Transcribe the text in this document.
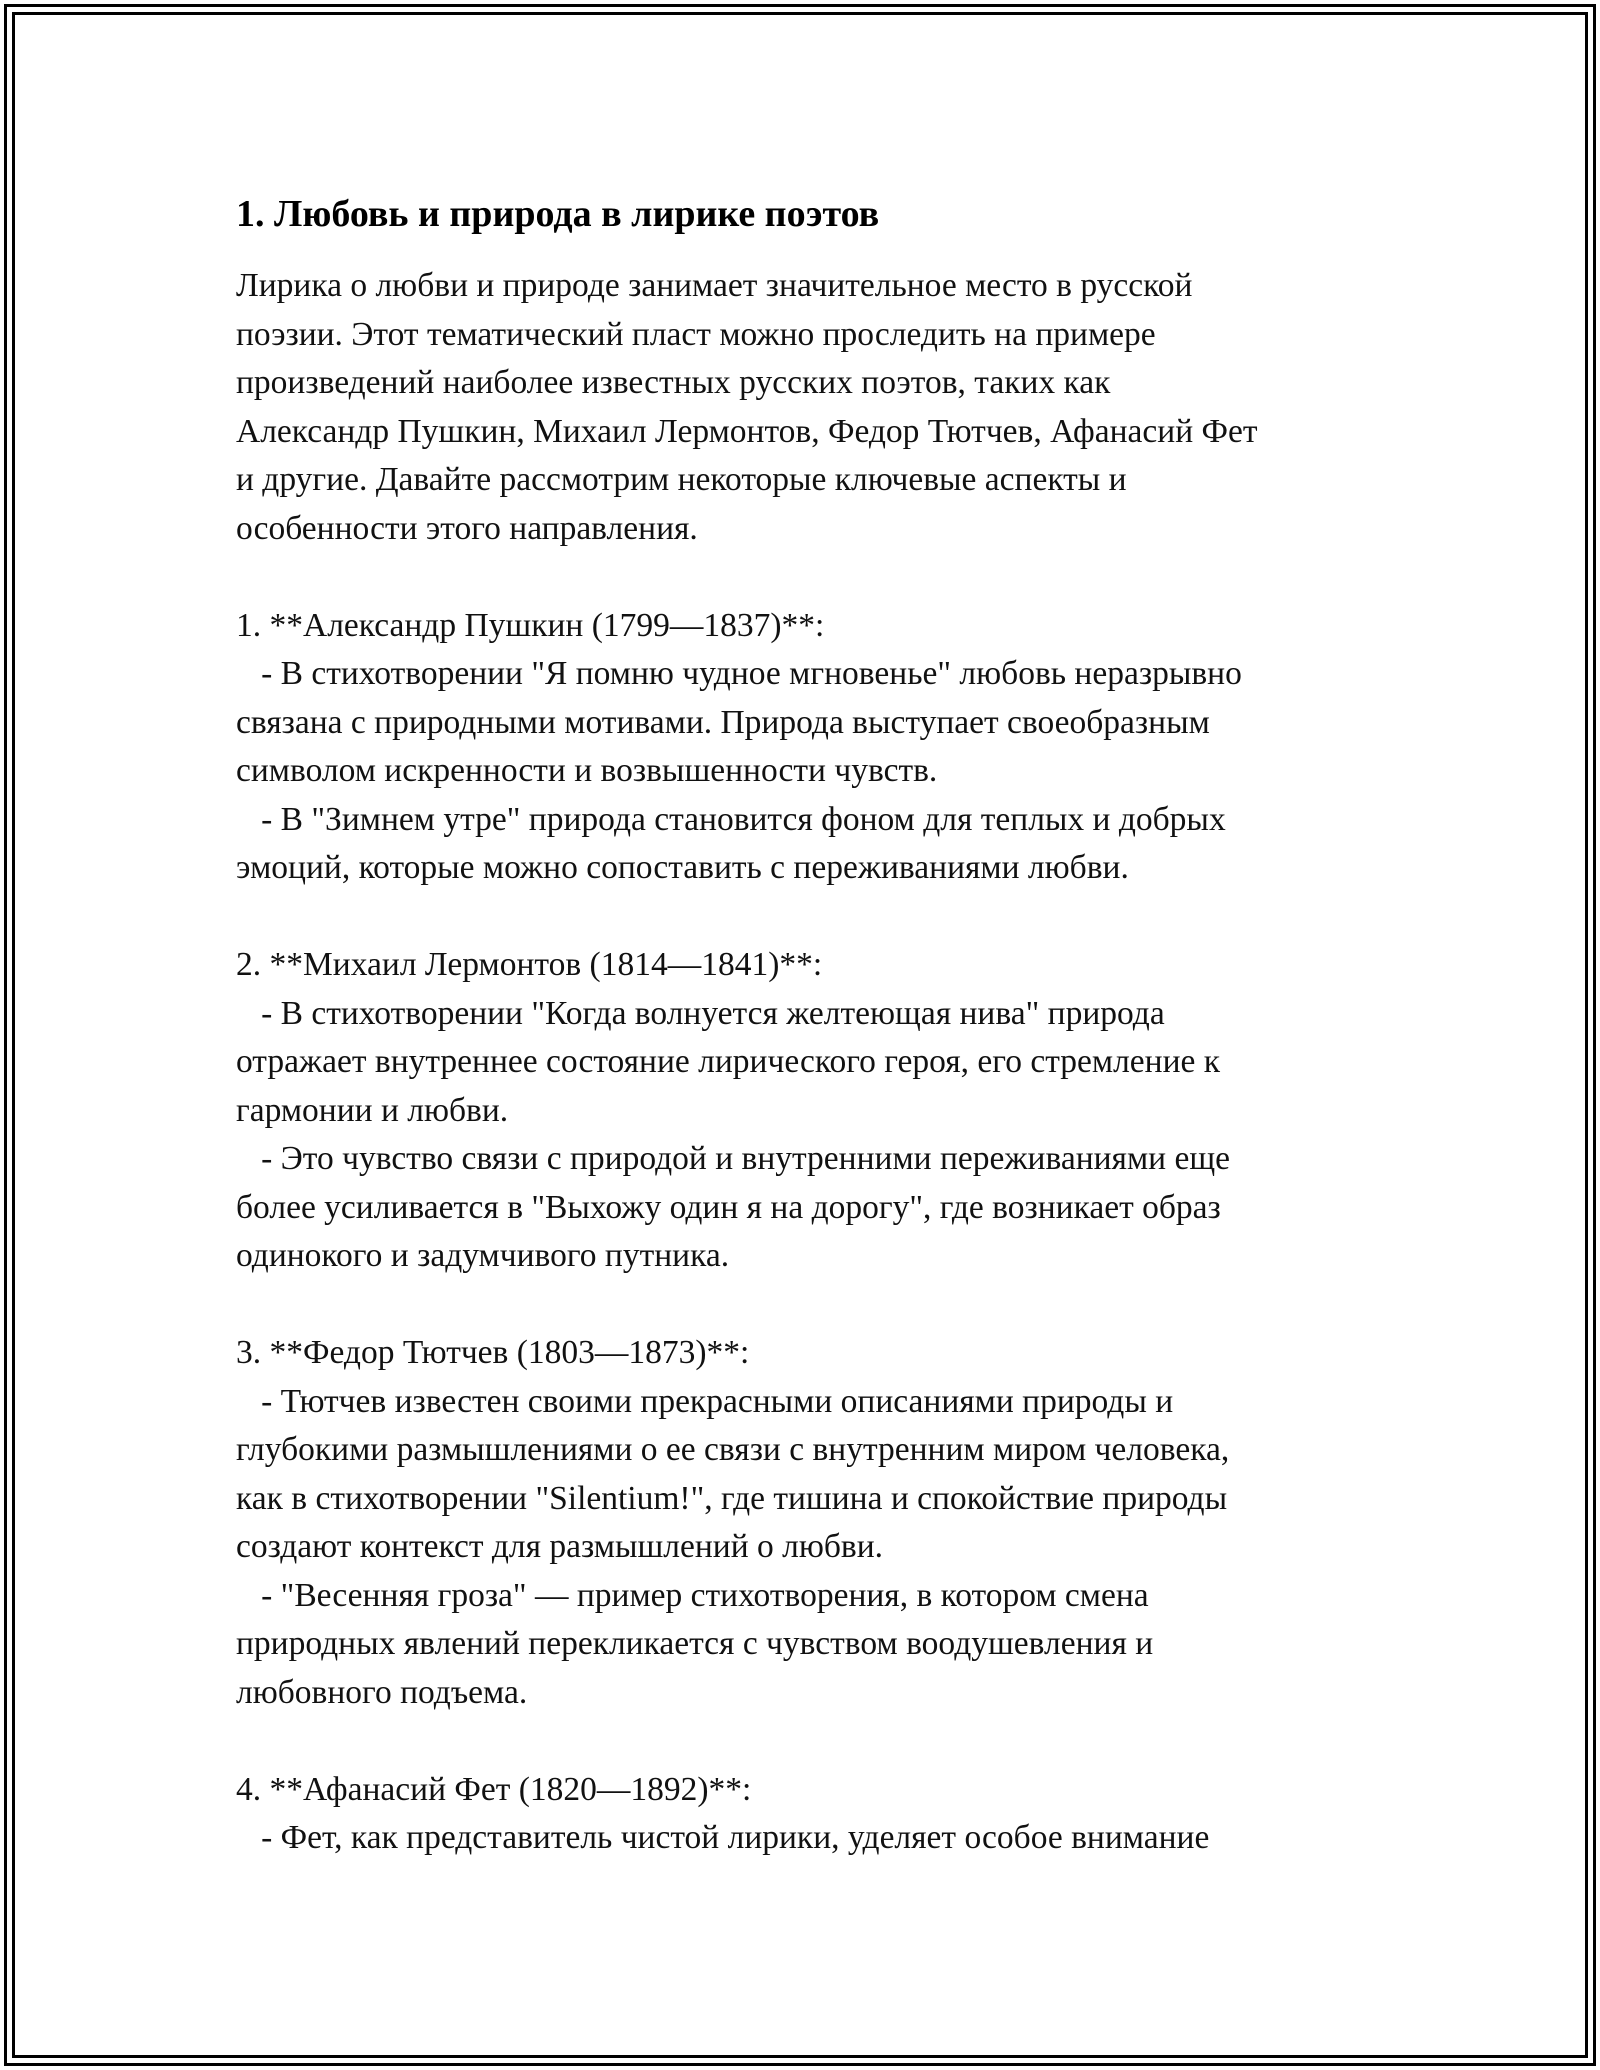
1. Любовь и природа в лирике поэтов
Лирика о любви и природе занимает значительное место в русской
поэзии. Этот тематический пласт можно проследить на примере
произведений наиболее известных русских поэтов, таких как
Александр Пушкин, Михаил Лермонтов, Федор Тютчев, Афанасий Фет
и другие. Давайте рассмотрим некоторые ключевые аспекты и
особенности этого направления.
1. **Александр Пушкин (1799—1837)**:
- В стихотворении "Я помню чудное мгновенье" любовь неразрывно
связана с природными мотивами. Природа выступает своеобразным
символом искренности и возвышенности чувств.
- В "Зимнем утре" природа становится фоном для теплых и добрых
эмоций, которые можно сопоставить с переживаниями любви.
2. **Михаил Лермонтов (1814—1841)**:
- В стихотворении "Когда волнуется желтеющая нива" природа
отражает внутреннее состояние лирического героя, его стремление к
гармонии и любви.
- Это чувство связи с природой и внутренними переживаниями еще
более усиливается в "Выхожу один я на дорогу", где возникает образ
одинокого и задумчивого путника.
3. **Федор Тютчев (1803—1873)**:
- Тютчев известен своими прекрасными описаниями природы и
глубокими размышлениями о ее связи с внутренним миром человека,
как в стихотворении "Silentium!", где тишина и спокойствие природы
создают контекст для размышлений о любви.
- "Весенняя гроза" — пример стихотворения, в котором смена
природных явлений перекликается с чувством воодушевления и
любовного подъема.
4. **Афанасий Фет (1820—1892)**:
- Фет, как представитель чистой лирики, уделяет особое внимание
